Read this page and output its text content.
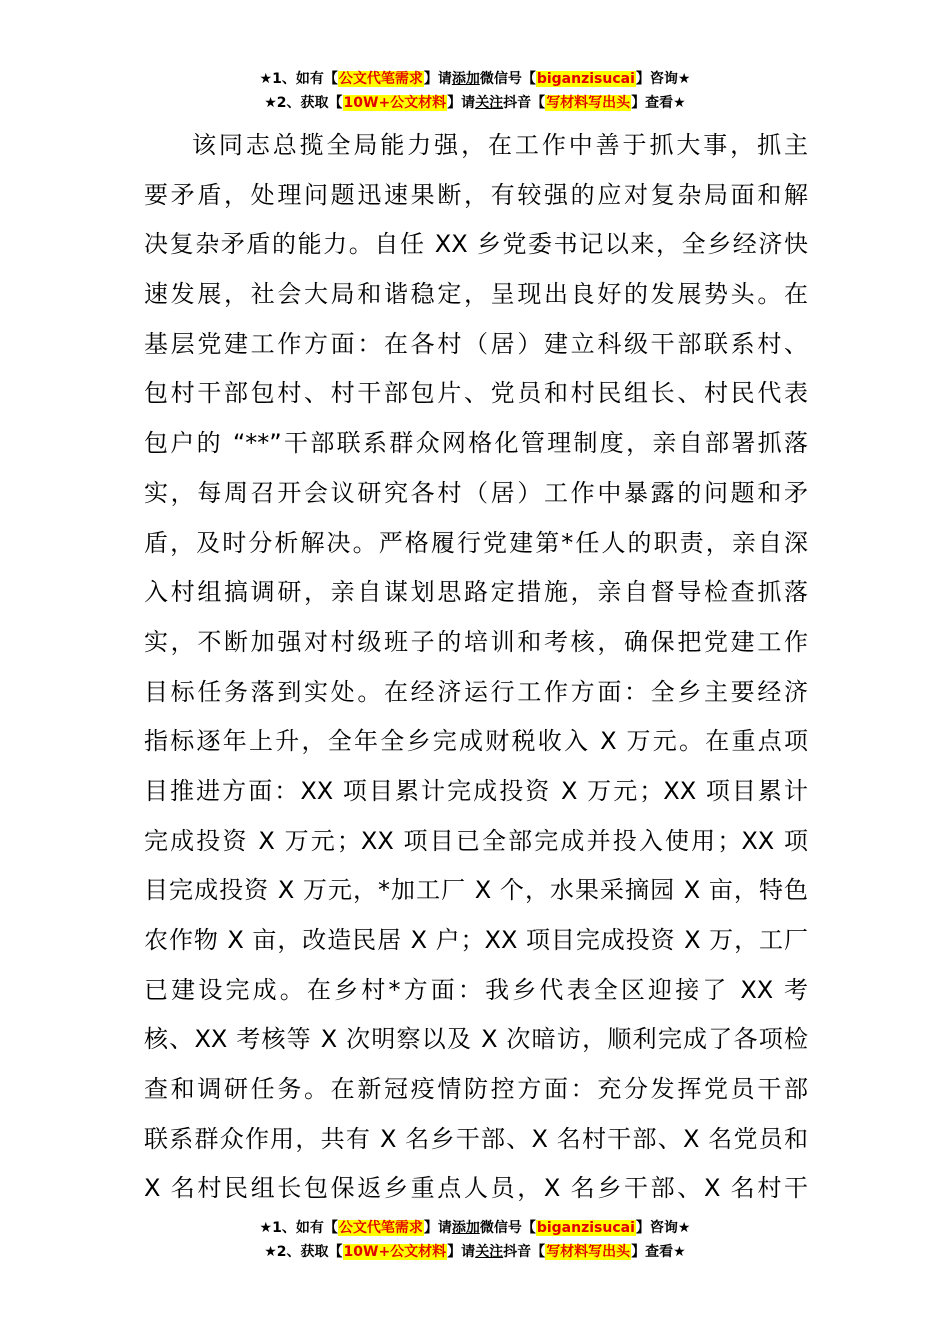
★1、如有【公文代笔需求】请添加微信号【biganzisucai】咨询★
★2、获取【10W+公文材料】请关注抖音【写材料写出头】查看★
该同志总揽全局能力强，在工作中善于抓大事，抓主
要矛盾，处理问题迅速果断，有较强的应对复杂局面和解
决复杂矛盾的能力。自任 XX 乡党委书记以来，全乡经济快
速发展，社会大局和谐稳定，呈现出良好的发展势头。在
基层党建工作方面：在各村（居）建立科级干部联系村、
包村干部包村、村干部包片、党员和村民组长、村民代表
包户的 “**”干部联系群众网格化管理制度，亲自部署抓落
实，每周召开会议研究各村（居）工作中暴露的问题和矛
盾，及时分析解决。严格履行党建第*任人的职责，亲自深
入村组搞调研，亲自谋划思路定措施，亲自督导检查抓落
实，不断加强对村级班子的培训和考核，确保把党建工作
目标任务落到实处。在经济运行工作方面：全乡主要经济
指标逐年上升，全年全乡完成财税收入 X 万元。在重点项
目推进方面：XX 项目累计完成投资 X 万元；XX 项目累计
完成投资 X 万元；XX 项目已全部完成并投入使用；XX 项
目完成投资 X 万元，*加工厂 X 个，水果采摘园 X 亩，特色
农作物 X 亩，改造民居 X 户；XX 项目完成投资 X 万，工厂
已建设完成。在乡村*方面：我乡代表全区迎接了 XX 考
核、XX 考核等 X 次明察以及 X 次暗访，顺利完成了各项检
查和调研任务。在新冠疫情防控方面：充分发挥党员干部
联系群众作用，共有 X 名乡干部、X 名村干部、X 名党员和
X 名村民组长包保返乡重点人员，X 名乡干部、X 名村干
★1、如有【公文代笔需求】请添加微信号【biganzisucai】咨询★
★2、获取【10W+公文材料】请关注抖音【写材料写出头】查看★
